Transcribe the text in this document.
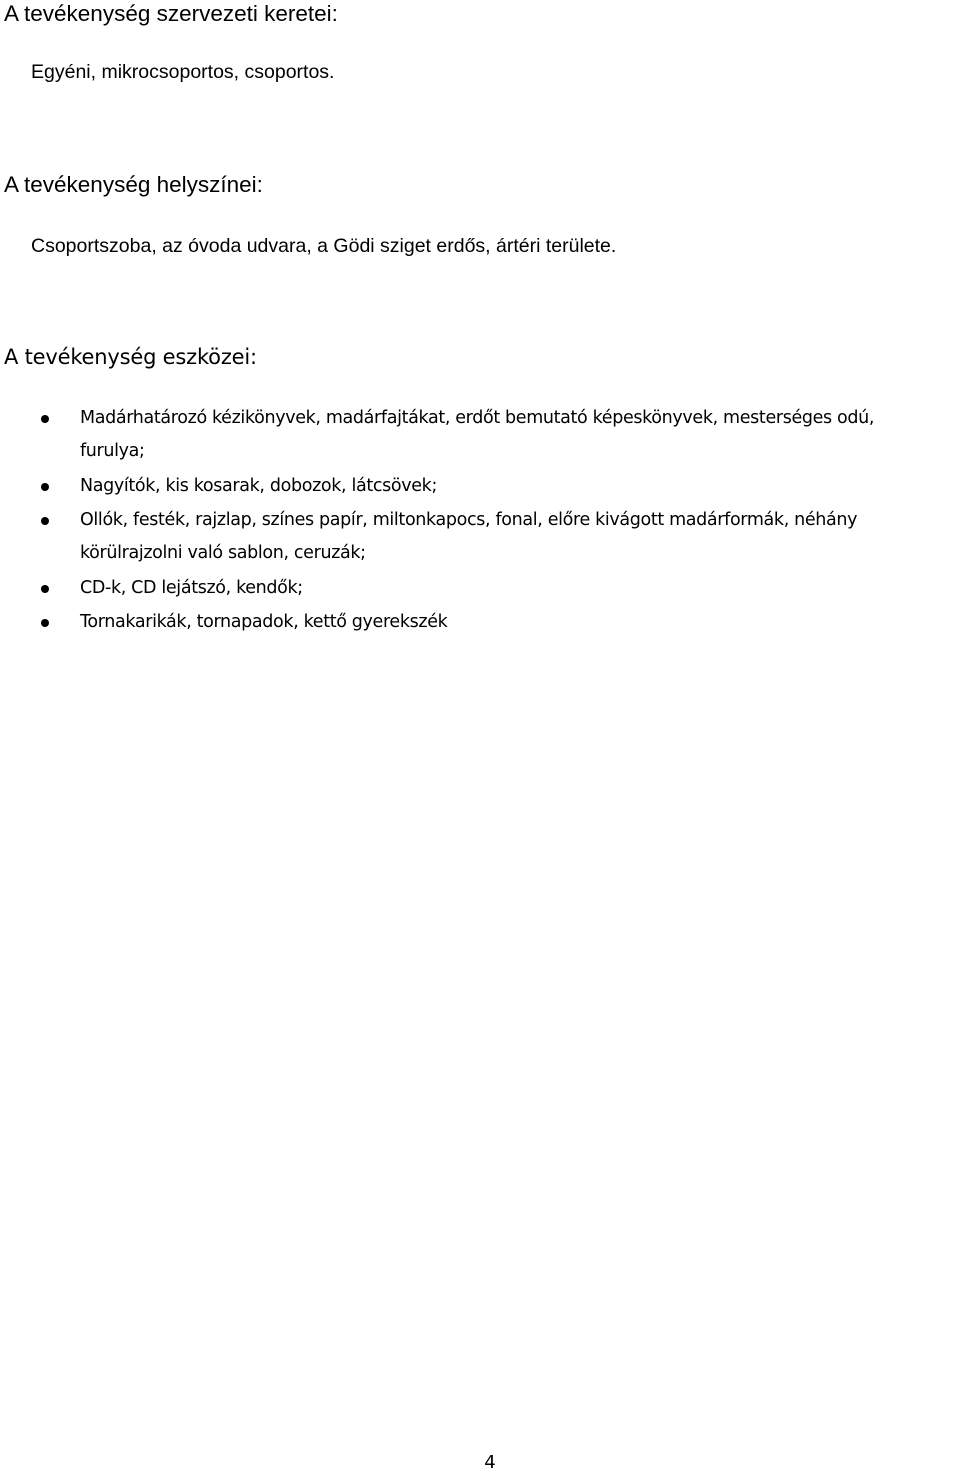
A tevékenység szervezeti keretei:

Egyéni, mikrocsoportos, csoportos.

A tevékenység helyszínei:

Csoportszoba, az óvoda udvara, a Gödi sziget erdős, ártéri területe.

A tevékenység eszközei:
Madárhatározó kézikönyvek, madárfajtákat, erdőt bemutató képeskönyvek, mesterséges odú, furulya;
Nagyítók, kis kosarak, dobozok, látcsövek;
Ollók, festék, rajzlap, színes papír, miltonkapocs, fonal, előre kivágott madárformák, néhány körülrajzolni való sablon, ceruzák;
CD-k, CD lejátszó, kendők;
Tornakarikák, tornapadok, kettő gyerekszék
4
